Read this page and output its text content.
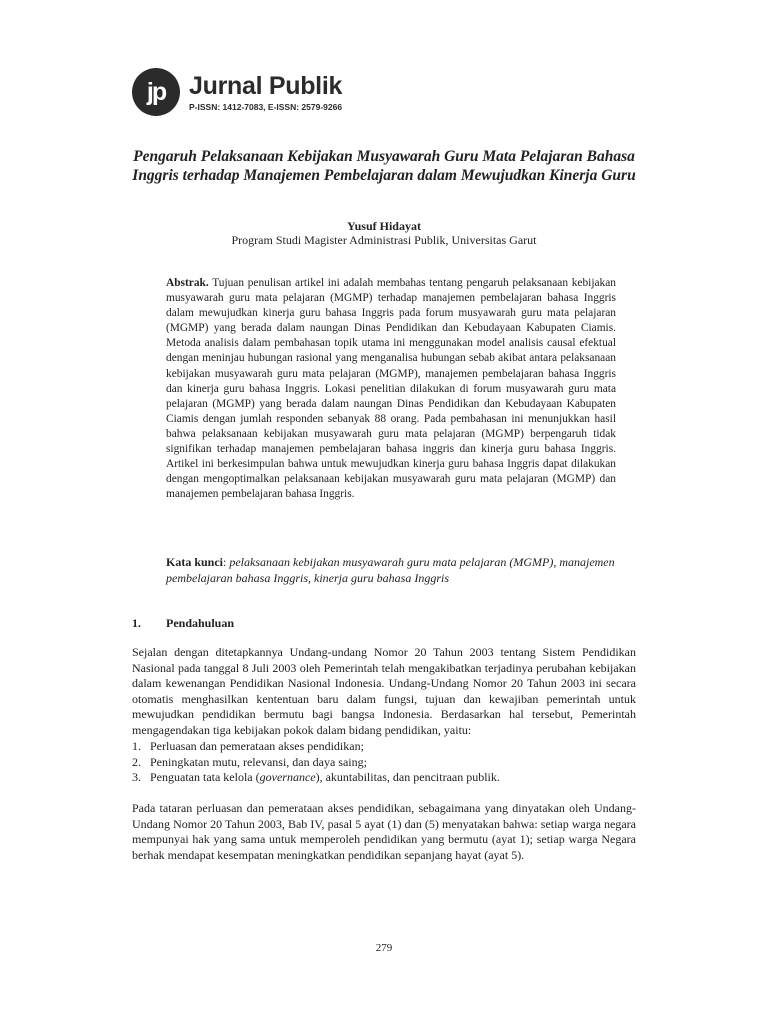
jp Jurnal Publik
P-ISSN: 1412-7083, E-ISSN: 2579-9266
Pengaruh Pelaksanaan Kebijakan Musyawarah Guru Mata Pelajaran Bahasa Inggris terhadap Manajemen Pembelajaran dalam Mewujudkan Kinerja Guru
Yusuf Hidayat
Program Studi Magister Administrasi Publik, Universitas Garut

Abstrak. Tujuan penulisan artikel ini adalah membahas tentang pengaruh pelaksanaan kebijakan musyawarah guru mata pelajaran (MGMP) terhadap manajemen pembelajaran bahasa Inggris dalam mewujudkan kinerja guru bahasa Inggris pada forum musyawarah guru mata pelajaran (MGMP) yang berada dalam naungan Dinas Pendidikan dan Kebudayaan Kabupaten Ciamis. Metoda analisis dalam pembahasan topik utama ini menggunakan model analisis causal efektual dengan meninjau hubungan rasional yang menganalisa hubungan sebab akibat antara pelaksanaan kebijakan musyawarah guru mata pelajaran (MGMP), manajemen pembelajaran bahasa Inggris dan kinerja guru bahasa Inggris. Lokasi penelitian dilakukan di forum musyawarah guru mata pelajaran (MGMP) yang berada dalam naungan Dinas Pendidikan dan Kebudayaan Kabupaten Ciamis dengan jumlah responden sebanyak 88 orang. Pada pembahasan ini menunjukkan hasil bahwa pelaksanaan kebijakan musyawarah guru mata pelajaran (MGMP) berpengaruh tidak signifikan terhadap manajemen pembelajaran bahasa inggris dan kinerja guru bahasa Inggris. Artikel ini berkesimpulan bahwa untuk mewujudkan kinerja guru bahasa Inggris dapat dilakukan dengan mengoptimalkan pelaksanaan kebijakan musyawarah guru mata pelajaran (MGMP) dan manajemen pembelajaran bahasa Inggris.

Kata kunci: pelaksanaan kebijakan musyawarah guru mata pelajaran (MGMP), manajemen pembelajaran bahasa Inggris, kinerja guru bahasa Inggris

1. Pendahuluan

Sejalan dengan ditetapkannya Undang-undang Nomor 20 Tahun 2003 tentang Sistem Pendidikan Nasional pada tanggal 8 Juli 2003 oleh Pemerintah telah mengakibatkan terjadinya perubahan kebijakan dalam kewenangan Pendidikan Nasional Indonesia. Undang-Undang Nomor 20 Tahun 2003 ini secara otomatis menghasilkan kententuan baru dalam fungsi, tujuan dan kewajiban pemerintah untuk mewujudkan pendidikan bermutu bagi bangsa Indonesia. Berdasarkan hal tersebut, Pemerintah mengagendakan tiga kebijakan pokok dalam bidang pendidikan, yaitu:

1. Perluasan dan pemerataan akses pendidikan;
2. Peningkatan mutu, relevansi, dan daya saing;
3. Penguatan tata kelola (governance), akuntabilitas, dan pencitraan publik.

Pada tataran perluasan dan pemerataan akses pendidikan, sebagaimana yang dinyatakan oleh Undang-Undang Nomor 20 Tahun 2003, Bab IV, pasal 5 ayat (1) dan (5) menyatakan bahwa: setiap warga negara mempunyai hak yang sama untuk memperoleh pendidikan yang bermutu (ayat 1); setiap warga Negara berhak mendapat kesempatan meningkatkan pendidikan sepanjang hayat (ayat 5).

279
